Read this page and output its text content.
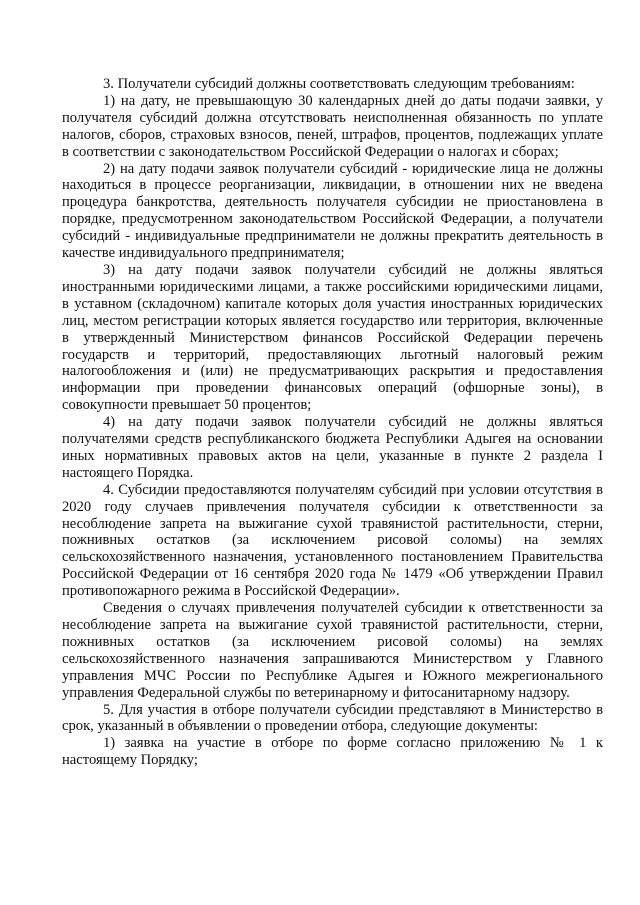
3. Получатели субсидий должны соответствовать следующим требованиям:

1) на дату, не превышающую 30 календарных дней до даты подачи заявки, у получателя субсидий должна отсутствовать неисполненная обязанность по уплате налогов, сборов, страховых взносов, пеней, штрафов, процентов, подлежащих уплате в соответствии с законодательством Российской Федерации о налогах и сборах;

2) на дату подачи заявок получатели субсидий - юридические лица не должны находиться в процессе реорганизации, ликвидации, в отношении них не введена процедура банкротства, деятельность получателя субсидии не приостановлена в порядке, предусмотренном законодательством Российской Федерации, а получатели субсидий - индивидуальные предприниматели не должны прекратить деятельность в качестве индивидуального предпринимателя;

3) на дату подачи заявок получатели субсидий не должны являться иностранными юридическими лицами, а также российскими юридическими лицами, в уставном (складочном) капитале которых доля участия иностранных юридических лиц, местом регистрации которых является государство или территория, включенные в утвержденный Министерством финансов Российской Федерации перечень государств и территорий, предоставляющих льготный налоговый режим налогообложения и (или) не предусматривающих раскрытия и предоставления информации при проведении финансовых операций (офшорные зоны), в совокупности превышает 50 процентов;

4) на дату подачи заявок получатели субсидий не должны являться получателями средств республиканского бюджета Республики Адыгея на основании иных нормативных правовых актов на цели, указанные в пункте 2 раздела I настоящего Порядка.

4. Субсидии предоставляются получателям субсидий при условии отсутствия в 2020 году случаев привлечения получателя субсидии к ответственности за несоблюдение запрета на выжигание сухой травянистой растительности, стерни, пожнивных остатков (за исключением рисовой соломы) на землях сельскохозяйственного назначения, установленного постановлением Правительства Российской Федерации от 16 сентября 2020 года № 1479 «Об утверждении Правил противопожарного режима в Российской Федерации».

Сведения о случаях привлечения получателей субсидии к ответственности за несоблюдение запрета на выжигание сухой травянистой растительности, стерни, пожнивных остатков (за исключением рисовой соломы) на землях сельскохозяйственного назначения запрашиваются Министерством у Главного управления МЧС России по Республике Адыгея и Южного межрегионального управления Федеральной службы по ветеринарному и фитосанитарному надзору.

5. Для участия в отборе получатели субсидии представляют в Министерство в срок, указанный в объявлении о проведении отбора, следующие документы:

1) заявка на участие в отборе по форме согласно приложению № 1 к настоящему Порядку;
